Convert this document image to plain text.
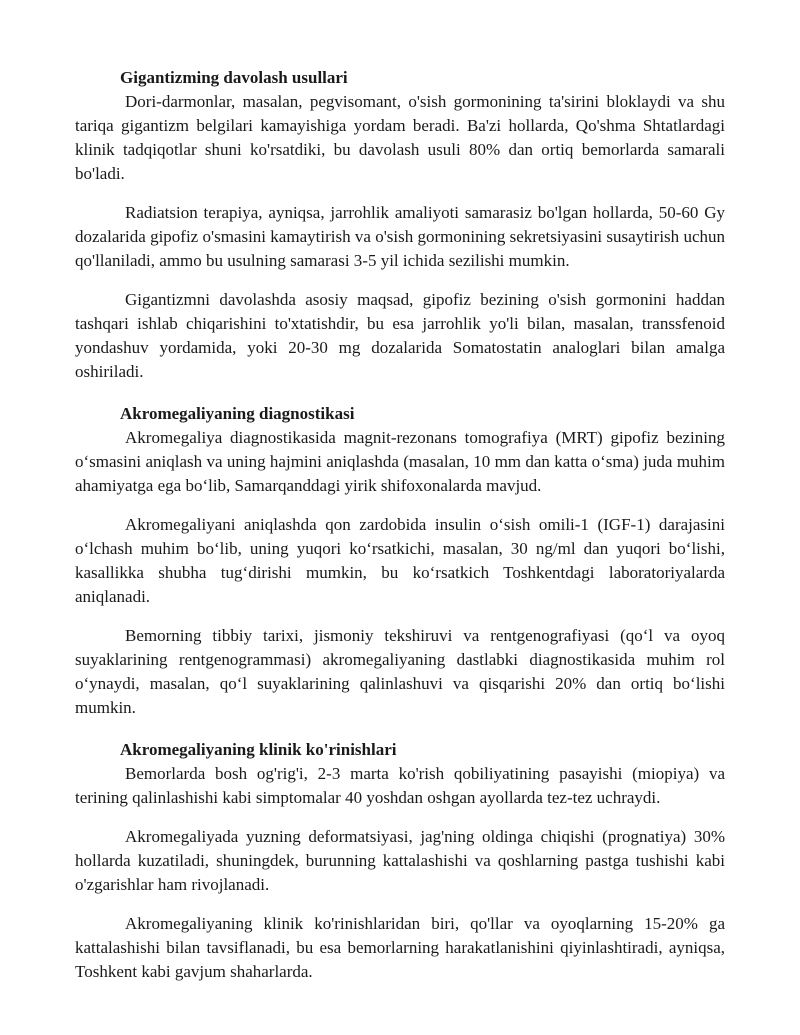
Gigantizming davolash usullari

Dori-darmonlar, masalan, pegvisomant, o'sish gormonining ta'sirini bloklaydi va shu tariqa gigantizm belgilari kamayishiga yordam beradi. Ba'zi hollarda, Qo'shma Shtatlardagi klinik tadqiqotlar shuni ko'rsatdiki, bu davolash usuli 80% dan ortiq bemorlarda samarali bo'ladi.

Radiatsion terapiya, ayniqsa, jarrohlik amaliyoti samarasiz bo'lgan hollarda, 50-60 Gy dozalarida gipofiz o'smasini kamaytirish va o'sish gormonining sekretsiyasini susaytirish uchun qo'llaniladi, ammo bu usulning samarasi 3-5 yil ichida sezilishi mumkin.

Gigantizmni davolashda asosiy maqsad, gipofiz bezining o'sish gormonini haddan tashqari ishlab chiqarishini to'xtatishdir, bu esa jarrohlik yo'li bilan, masalan, transsfenoid yondashuv yordamida, yoki 20-30 mg dozalarida Somatostatin analoglari bilan amalga oshiriladi.

Akromegaliyaning diagnostikasi

Akromegaliya diagnostikasida magnit-rezonans tomografiya (MRT) gipofiz bezining o‘smasini aniqlash va uning hajmini aniqlashda (masalan, 10 mm dan katta o‘sma) juda muhim ahamiyatga ega bo‘lib, Samarqanddagi yirik shifoxonalarda mavjud.

Akromegaliyani aniqlashda qon zardobida insulin o‘sish omili-1 (IGF-1) darajasini o‘lchash muhim bo‘lib, uning yuqori ko‘rsatkichi, masalan, 30 ng/ml dan yuqori bo‘lishi, kasallikka shubha tug‘dirishi mumkin, bu ko‘rsatkich Toshkentdagi laboratoriyalarda aniqlanadi.

Bemorning tibbiy tarixi, jismoniy tekshiruvi va rentgenografiyasi (qo‘l va oyoq suyaklarining rentgenogrammasi) akromegaliyaning dastlabki diagnostikasida muhim rol o‘ynaydi, masalan, qo‘l suyaklarining qalinlashuvi va qisqarishi 20% dan ortiq bo‘lishi mumkin.

Akromegaliyaning klinik ko'rinishlari

Bemorlarda bosh og'rig'i, 2-3 marta ko'rish qobiliyatining pasayishi (miopiya) va terining qalinlashishi kabi simptomalar 40 yoshdan oshgan ayollarda tez-tez uchraydi.

Akromegaliyada yuzning deformatsiyasi, jag'ning oldinga chiqishi (prognatiya) 30% hollarda kuzatiladi, shuningdek, burunning kattalashishi va qoshlarning pastga tushishi kabi o'zgarishlar ham rivojlanadi.

Akromegaliyaning klinik ko'rinishlaridan biri, qo'llar va oyoqlarning 15-20% ga kattalashishi bilan tavsiflanadi, bu esa bemorlarning harakatlanishini qiyinlashtiradi, ayniqsa, Toshkent kabi gavjum shaharlarda.
